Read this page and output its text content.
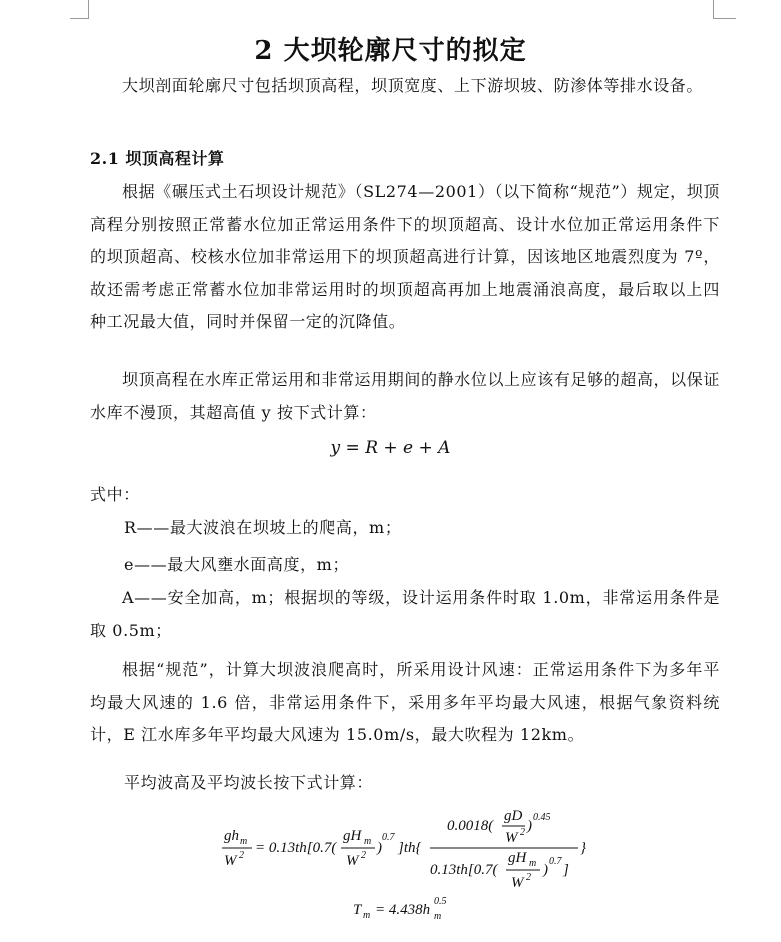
2 大坝轮廓尺寸的拟定

大坝剖面轮廓尺寸包括坝顶高程，坝顶宽度、上下游坝坡、防渗体等排水设备。

2.1 坝顶高程计算

根据《碾压式土石坝设计规范》（SL274—2001）（以下简称“规范”）规定，坝顶高程分别按照正常蓄水位加正常运用条件下的坝顶超高、设计水位加正常运用条件下的坝顶超高、校核水位加非常运用下的坝顶超高进行计算，因该地区地震烈度为 7º，故还需考虑正常蓄水位加非常运用时的坝顶超高再加上地震涌浪高度，最后取以上四种工况最大值，同时并保留一定的沉降值。

坝顶高程在水库正常运用和非常运用期间的静水位以上应该有足够的超高，以保证水库不漫顶，其超高值 y 按下式计算：

y = R + e + A
式中：
R——最大波浪在坝坡上的爬高，m；
e——最大风壅水面高度，m；

A——安全加高，m；根据坝的等级，设计运用条件时取 1.0m，非常运用条件是取 0.5m；

根据“规范”，计算大坝波浪爬高时，所采用设计风速：正常运用条件下为多年平均最大风速的 1.6 倍，非常运用条件下，采用多年平均最大风速，根据气象资料统计，E 江水库多年平均最大风速为 15.0m/s，最大吹程为 12km。

平均波高及平均波长按下式计算：
gh m
W 2 = 0.13th[0.7(
gH m
W 2 )
0.7
]th{
0.0018(
gD
W 2 )
0.45
0.13th[0.7(
gH m
W 2 )
0.7
]
}
T m = 4.438h m
0.5
